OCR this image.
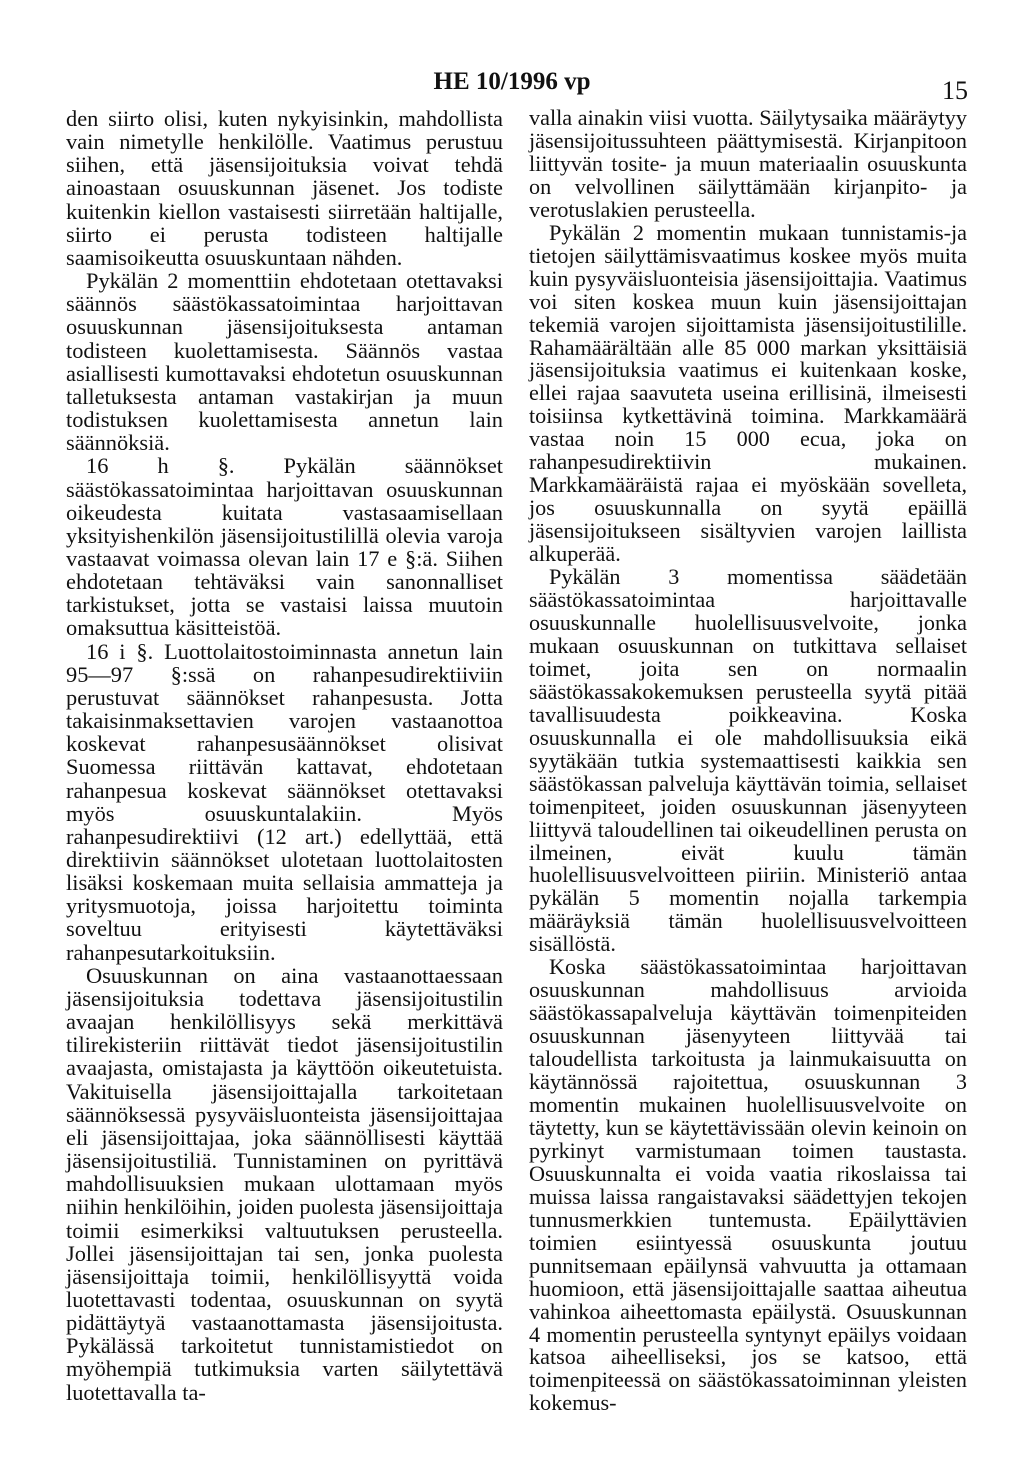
HE 10/1996 vp	15

den siirto olisi, kuten nykyisinkin, mahdollista vain nimetylle henkilölle. Vaatimus perustuu siihen, että jäsensijoituksia voivat tehdä ainoastaan osuuskunnan jäsenet. Jos todiste kuitenkin kiellon vastaisesti siirretään haltijalle, siirto ei perusta todisteen haltijalle saamisoikeutta osuuskuntaan nähden.

Pykälän 2 momenttiin ehdotetaan otettavaksi säännös säästökassatoimintaa harjoittavan osuuskunnan jäsensijoituksesta antaman todisteen kuolettamisesta. Säännös vastaa asiallisesti kumottavaksi ehdotetun osuuskunnan talletuksesta antaman vastakirjan ja muun todistuksen kuolettamisesta annetun lain säännöksiä.

16 h §. Pykälän säännökset säästökassatoimintaa harjoittavan osuuskunnan oikeudesta kuitata vastasaamisellaan yksityishenkilön jäsensijoitustilillä olevia varoja vastaavat voimassa olevan lain 17 e §:ä. Siihen ehdotetaan tehtäväksi vain sanonnalliset tarkistukset, jotta se vastaisi laissa muutoin omaksuttua käsitteistöä.

16 i §. Luottolaitostoiminnasta annetun lain 95—97 §:ssä on rahanpesudirektiiviin perustuvat säännökset rahanpesusta. Jotta takaisinmaksettavien varojen vastaanottoa koskevat rahanpesusäännökset olisivat Suomessa riittävän kattavat, ehdotetaan rahanpesua koskevat säännökset otettavaksi myös osuuskuntalakiin. Myös rahanpesudirektiivi (12 art.) edellyttää, että direktiivin säännökset ulotetaan luottolaitosten lisäksi koskemaan muita sellaisia ammatteja ja yritysmuotoja, joissa harjoitettu toiminta soveltuu erityisesti käytettäväksi rahanpesutarkoituksiin.

Osuuskunnan on aina vastaanottaessaan jäsensijoituksia todettava jäsensijoitustilin avaajan henkilöllisyys sekä merkittävä tilirekisteriin riittävät tiedot jäsensijoitustilin avaajasta, omistajasta ja käyttöön oikeutetuista. Vakituisella jäsensijoittajalla tarkoitetaan säännöksessä pysyväisluonteista jäsensijoittajaa eli jäsensijoittajaa, joka säännöllisesti käyttää jäsensijoitustiliä. Tunnistaminen on pyrittävä mahdollisuuksien mukaan ulottamaan myös niihin henkilöihin, joiden puolesta jäsensijoittaja toimii esimerkiksi valtuutuksen perusteella. Jollei jäsensijoittajan tai sen, jonka puolesta jäsensijoittaja toimii, henkilöllisyyttä voida luotettavasti todentaa, osuuskunnan on syytä pidättäytyä vastaanottamasta jäsensijoitusta. Pykälässä tarkoitetut tunnistamistiedot on myöhempiä tutkimuksia varten säilytettävä luotettavalla ta-

valla ainakin viisi vuotta. Säilytysaika määräytyy jäsensijoitussuhteen päättymisestä. Kirjanpitoon liittyvän tosite- ja muun materiaalin osuuskunta on velvollinen säilyttämään kirjanpito- ja verotuslakien perusteella.

Pykälän 2 momentin mukaan tunnistamis-ja tietojen säilyttämisvaatimus koskee myös muita kuin pysyväisluonteisia jäsensijoittajia. Vaatimus voi siten koskea muun kuin jäsensijoittajan tekemiä varojen sijoittamista jäsensijoitustilille. Rahamäärältään alle 85 000 markan yksittäisiä jäsensijoituksia vaatimus ei kuitenkaan koske, ellei rajaa saavuteta useina erillisinä, ilmeisesti toisiinsa kytkettävinä toimina. Markkamäärä vastaa noin 15 000 ecua, joka on rahanpesudirektiivin mukainen. Markkamääräistä rajaa ei myöskään sovelleta, jos osuuskunnalla on syytä epäillä jäsensijoitukseen sisältyvien varojen laillista alkuperää.

Pykälän 3 momentissa säädetään säästökassatoimintaa harjoittavalle osuuskunnalle huolellisuusvelvoite, jonka mukaan osuuskunnan on tutkittava sellaiset toimet, joita sen on normaalin säästökassakokemuksen perusteella syytä pitää tavallisuudesta poikkeavina. Koska osuuskunnalla ei ole mahdollisuuksia eikä syytäkään tutkia systemaattisesti kaikkia sen säästökassan palveluja käyttävän toimia, sellaiset toimenpiteet, joiden osuuskunnan jäsenyyteen liittyvä taloudellinen tai oikeudellinen perusta on ilmeinen, eivät kuulu tämän huolellisuusvelvoitteen piiriin. Ministeriö antaa pykälän 5 momentin nojalla tarkempia määräyksiä tämän huolellisuusvelvoitteen sisällöstä.

Koska säästökassatoimintaa harjoittavan osuuskunnan mahdollisuus arvioida säästökassapalveluja käyttävän toimenpiteiden osuuskunnan jäsenyyteen liittyvää tai taloudellista tarkoitusta ja lainmukaisuutta on käytännössä rajoitettua, osuuskunnan 3 momentin mukainen huolellisuusvelvoite on täytetty, kun se käytettävissään olevin keinoin on pyrkinyt varmistumaan toimen taustasta. Osuuskunnalta ei voida vaatia rikoslaissa tai muissa laissa rangaistavaksi säädettyjen tekojen tunnusmerkkien tuntemusta. Epäilyttävien toimien esiintyessä osuuskunta joutuu punnitsemaan epäilynsä vahvuutta ja ottamaan huomioon, että jäsensijoittajalle saattaa aiheutua vahinkoa aiheettomasta epäilystä. Osuuskunnan 4 momentin perusteella syntynyt epäilys voidaan katsoa aiheelliseksi, jos se katsoo, että toimenpiteessä on säästökassatoiminnan yleisten kokemus-
